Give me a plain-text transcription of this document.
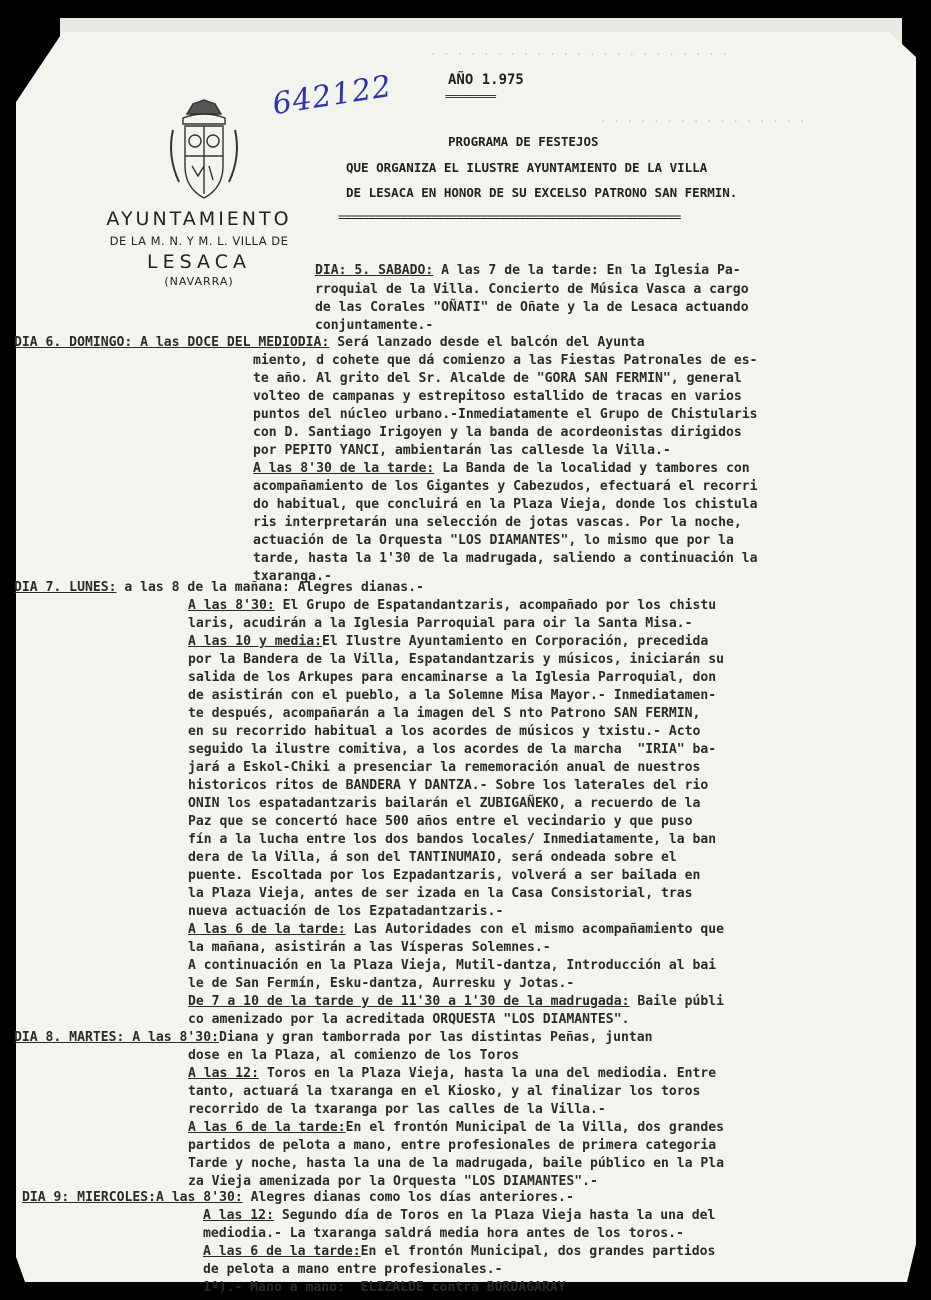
· · · · · · · · · · · · · · · · · · · · · · ·
· · · · · · · · · · · · · · · ·
642122
AYUNTAMIENTO
DE LA M. N. Y M. L. VILLA DE
LESACA
(NAVARRA)
AÑO 1.975
=========
PROGRAMA DE FESTEJOS
QUE ORGANIZA EL ILUSTRE AYUNTAMIENTO DE LA VILLA
DE LESACA EN HONOR DE SU EXCELSO PATRONO SAN FERMIN.
=======================================================
DIA: 5. SABADO: A las 7 de la tarde: En la Iglesia Pa-
rroquial de la Villa. Concierto de Música Vasca a cargo
de las Corales "OÑATI" de Oñate y la de Lesaca actuando
conjuntamente.-
DIA 6. DOMINGO: A las DOCE DEL MEDIODIA: Será lanzado desde el balcón del Ayunta
miento, d cohete que dá comienzo a las Fiestas Patronales de es-
te año. Al grito del Sr. Alcalde de "GORA SAN FERMIN", general
volteo de campanas y estrepitoso estallido de tracas en varios
puntos del núcleo urbano.-Inmediatamente el Grupo de Chistularis
con D. Santiago Irigoyen y la banda de acordeonistas dirigidos
por PEPITO YANCI, ambientarán las callesde la Villa.-
A las 8'30 de la tarde: La Banda de la localidad y tambores con
acompañamiento de los Gigantes y Cabezudos, efectuará el recorri
do habitual, que concluirá en la Plaza Vieja, donde los chistula
ris interpretarán una selección de jotas vascas. Por la noche,
actuación de la Orquesta "LOS DIAMANTES", lo mismo que por la
tarde, hasta la 1'30 de la madrugada, saliendo a continuación la
txaranga.-
DIA 7. LUNES: a las 8 de la mañana: Alegres dianas.-
A las 8'30: El Grupo de Espatandantzaris, acompañado por los chistu
laris, acudirán a la Iglesia Parroquial para oir la Santa Misa.-
A las 10 y media:El Ilustre Ayuntamiento en Corporación, precedida
por la Bandera de la Villa, Espatandantzaris y músicos, iniciarán su
salida de los Arkupes para encaminarse a la Iglesia Parroquial, don
de asistirán con el pueblo, a la Solemne Misa Mayor.- Inmediatamen-
te después, acompañarán a la imagen del S nto Patrono SAN FERMIN,
en su recorrido habitual a los acordes de músicos y txistu.- Acto
seguido la ilustre comitiva, a los acordes de la marcha  "IRIA" ba-
jará a Eskol-Chiki a presenciar la rememoración anual de nuestros
historicos ritos de BANDERA Y DANTZA.- Sobre los laterales del rio
ONIN los espatadantzaris bailarán el ZUBIGAÑEKO, a recuerdo de la
Paz que se concertó hace 500 años entre el vecindario y que puso
fín a la lucha entre los dos bandos locales/ Inmediatamente, la ban
dera de la Villa, á son del TANTINUMAIO, será ondeada sobre el
puente. Escoltada por los Ezpadantzaris, volverá a ser bailada en
la Plaza Vieja, antes de ser izada en la Casa Consistorial, tras
nueva actuación de los Ezpatadantzaris.-
A las 6 de la tarde: Las Autoridades con el mismo acompañamiento que
la mañana, asistirán a las Vísperas Solemnes.-
A continuación en la Plaza Vieja, Mutil-dantza, Introducción al bai
le de San Fermín, Esku-dantza, Aurresku y Jotas.-
De 7 a 10 de la tarde y de 11'30 a 1'30 de la madrugada: Baile públi
co amenizado por la acreditada ORQUESTA "LOS DIAMANTES".
DIA 8. MARTES: A las 8'30:Diana y gran tamborrada por las distintas Peñas, juntan
dose en la Plaza, al comienzo de los Toros
A las 12: Toros en la Plaza Vieja, hasta la una del mediodia. Entre
tanto, actuará la txaranga en el Kiosko, y al finalizar los toros
recorrido de la txaranga por las calles de la Villa.-
A las 6 de la tarde:En el frontón Municipal de la Villa, dos grandes
partidos de pelota a mano, entre profesionales de primera categoria
Tarde y noche, hasta la una de la madrugada, baile público en la Pla
za Vieja amenizada por la Orquesta "LOS DIAMANTES".-
DIA 9: MIERCOLES:A las 8'30: Alegres dianas como los días anteriores.-
A las 12: Segundo día de Toros en la Plaza Vieja hasta la una del
mediodia.- La txaranga saldrá media hora antes de los toros.-
A las 6 de la tarde:En el frontón Municipal, dos grandes partidos
de pelota a mano entre profesionales.-
1º).- Mano a mano:  ELIZALDE contra BORDAGARAY
